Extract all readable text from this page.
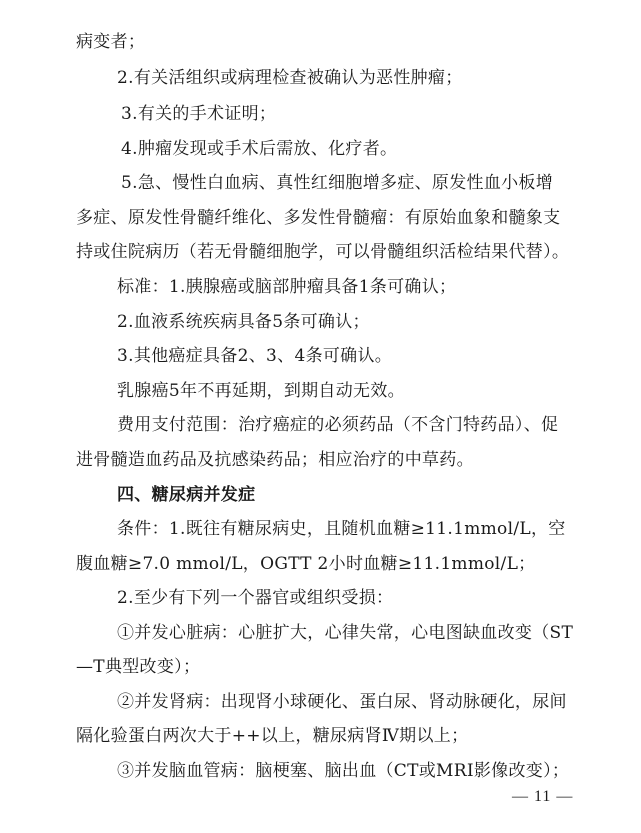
病变者；
2.有关活组织或病理检查被确认为恶性肿瘤；
3.有关的手术证明；
4.肿瘤发现或手术后需放、化疗者。
5.急、慢性白血病、真性红细胞增多症、原发性血小板增
多症、原发性骨髓纤维化、多发性骨髓瘤：有原始血象和髓象支
持或住院病历（若无骨髓细胞学，可以骨髓组织活检结果代替）。
标准：1.胰腺癌或脑部肿瘤具备1条可确认；
2.血液系统疾病具备5条可确认；
3.其他癌症具备2、3、4条可确认。
乳腺癌5年不再延期，到期自动无效。
费用支付范围：治疗癌症的必须药品（不含门特药品）、促
进骨髓造血药品及抗感染药品；相应治疗的中草药。
四、糖尿病并发症
条件：1.既往有糖尿病史，且随机血糖≥11.1mmol/L，空
腹血糖≥7.0 mmol/L，OGTT 2小时血糖≥11.1mmol/L；
2.至少有下列一个器官或组织受损：
①并发心脏病：心脏扩大，心律失常，心电图缺血改变（ST
—T典型改变）；
②并发肾病：出现肾小球硬化、蛋白尿、肾动脉硬化，尿间
隔化验蛋白两次大于++以上，糖尿病肾Ⅳ期以上；
③并发脑血管病：脑梗塞、脑出血（CT或MRI影像改变）；
— 11 —
